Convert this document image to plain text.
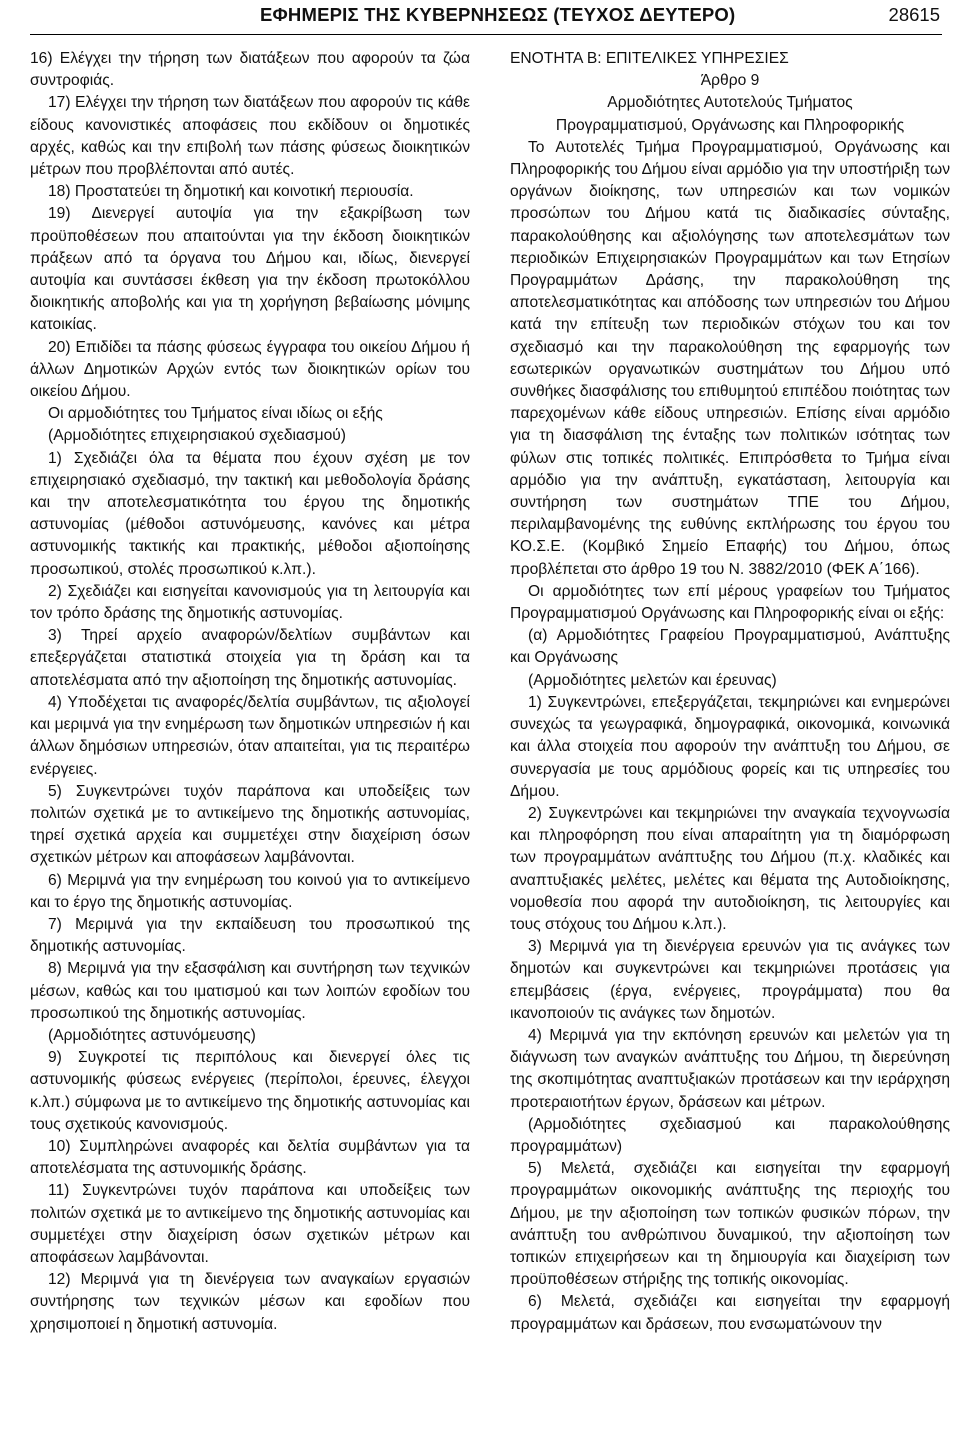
ΕΦΗΜΕΡΙΣ ΤΗΣ ΚΥΒΕΡΝΗΣΕΩΣ (ΤΕΥΧΟΣ ΔΕΥΤΕΡΟ)	28615

16) Ελέγχει την τήρηση των διατάξεων που αφορούν τα ζώα συντροφιάς.

17) Ελέγχει την τήρηση των διατάξεων που αφορούν τις κάθε είδους κανονιστικές αποφάσεις που εκδίδουν οι δημοτικές αρχές, καθώς και την επιβολή των πάσης φύσεως διοικητικών μέτρων που προβλέπονται από αυτές.

18) Προστατεύει τη δημοτική και κοινοτική περιουσία.

19) Διενεργεί αυτοψία για την εξακρίβωση των προϋποθέσεων που απαιτούνται για την έκδοση διοικητικών πράξεων από τα όργανα του Δήμου και, ιδίως, διενεργεί αυτοψία και συντάσσει έκθεση για την έκδοση πρωτοκόλλου διοικητικής αποβολής και για τη χορήγηση βεβαίωσης μόνιμης κατοικίας.

20) Επιδίδει τα πάσης φύσεως έγγραφα του οικείου Δήμου ή άλλων Δημοτικών Αρχών εντός των διοικητικών ορίων του οικείου Δήμου.

Οι αρμοδιότητες του Τμήματος είναι ιδίως οι εξής

(Αρμοδιότητες επιχειρησιακού σχεδιασμού)

1) Σχεδιάζει όλα τα θέματα που έχουν σχέση με τον επιχειρησιακό σχεδιασμό, την τακτική και μεθοδολογία δράσης και την αποτελεσματικότητα του έργου της δημοτικής αστυνομίας (μέθοδοι αστυνόμευσης, κανόνες και μέτρα αστυνομικής τακτικής και πρακτικής, μέθοδοι αξιοποίησης προσωπικού, στολές προσωπικού κ.λπ.).

2) Σχεδιάζει και εισηγείται κανονισμούς για τη λειτουργία και τον τρόπο δράσης της δημοτικής αστυνομίας.

3) Τηρεί αρχείο αναφορών/δελτίων συμβάντων και επεξεργάζεται στατιστικά στοιχεία για τη δράση και τα αποτελέσματα από την αξιοποίηση της δημοτικής αστυνομίας.

4) Υποδέχεται τις αναφορές/δελτία συμβάντων, τις αξιολογεί και μεριμνά για την ενημέρωση των δημοτικών υπηρεσιών ή και άλλων δημόσιων υπηρεσιών, όταν απαιτείται, για τις περαιτέρω ενέργειες.

5) Συγκεντρώνει τυχόν παράπονα και υποδείξεις των πολιτών σχετικά με το αντικείμενο της δημοτικής αστυνομίας, τηρεί σχετικά αρχεία και συμμετέχει στην διαχείριση όσων σχετικών μέτρων και αποφάσεων λαμβάνονται.

6) Μεριμνά για την ενημέρωση του κοινού για το αντικείμενο και το έργο της δημοτικής αστυνομίας.

7) Μεριμνά για την εκπαίδευση του προσωπικού της δημοτικής αστυνομίας.

8) Μεριμνά για την εξασφάλιση και συντήρηση των τεχνικών μέσων, καθώς και του ιματισμού και των λοιπών εφοδίων του προσωπικού της δημοτικής αστυνομίας.

(Αρμοδιότητες αστυνόμευσης)

9) Συγκροτεί τις περιπόλους και διενεργεί όλες τις αστυνομικής φύσεως ενέργειες (περίπολοι, έρευνες, έλεγχοι κ.λπ.) σύμφωνα με το αντικείμενο της δημοτικής αστυνομίας και τους σχετικούς κανονισμούς.

10) Συμπληρώνει αναφορές και δελτία συμβάντων για τα αποτελέσματα της αστυνομικής δράσης.

11) Συγκεντρώνει τυχόν παράπονα και υποδείξεις των πολιτών σχετικά με το αντικείμενο της δημοτικής αστυνομίας και συμμετέχει στην διαχείριση όσων σχετικών μέτρων και αποφάσεων λαμβάνονται.

12) Μεριμνά για τη διενέργεια των αναγκαίων εργασιών συντήρησης των τεχνικών μέσων και εφοδίων που χρησιμοποιεί η δημοτική αστυνομία.

ΕΝΟΤΗΤΑ Β: ΕΠΙΤΕΛΙΚΕΣ ΥΠΗΡΕΣΙΕΣ

Άρθρο 9

Αρμοδιότητες Αυτοτελούς Τμήματος

Προγραμματισμού, Οργάνωσης και Πληροφορικής

Το Αυτοτελές Τμήμα Προγραμματισμού, Οργάνωσης και Πληροφορικής του Δήμου είναι αρμόδιο για την υποστήριξη των οργάνων διοίκησης, των υπηρεσιών και των νομικών προσώπων του Δήμου κατά τις διαδικασίες σύνταξης, παρακολούθησης και αξιολόγησης των αποτελεσμάτων των περιοδικών Επιχειρησιακών Προγραμμάτων και των Ετησίων Προγραμμάτων Δράσης, την παρακολούθηση της αποτελεσματικότητας και απόδοσης των υπηρεσιών του Δήμου κατά την επίτευξη των περιοδικών στόχων του και τον σχεδιασμό και την παρακολούθηση της εφαρμογής των εσωτερικών οργανωτικών συστημάτων του Δήμου υπό συνθήκες διασφάλισης του επιθυμητού επιπέδου ποιότητας των παρεχομένων κάθε είδους υπηρεσιών. Επίσης είναι αρμόδιο για τη διασφάλιση της ένταξης των πολιτικών ισότητας των φύλων στις τοπικές πολιτικές. Επιπρόσθετα το Τμήμα είναι αρμόδιο για την ανάπτυξη, εγκατάσταση, λειτουργία και συντήρηση των συστημάτων ΤΠΕ του Δήμου, περιλαμβανομένης της ευθύνης εκπλήρωσης του έργου του ΚΟ.Σ.Ε. (Κομβικό Σημείο Επαφής) του Δήμου, όπως προβλέπεται στο άρθρο 19 του Ν. 3882/2010 (ΦΕΚ Α΄166).

Οι αρμοδιότητες των επί μέρους γραφείων του Τμήματος Προγραμματισμού Οργάνωσης και Πληροφορικής είναι οι εξής:

(α) Αρμοδιότητες Γραφείου Προγραμματισμού, Ανάπτυξης και Οργάνωσης

(Αρμοδιότητες μελετών και έρευνας)

1) Συγκεντρώνει, επεξεργάζεται, τεκμηριώνει και ενημερώνει συνεχώς τα γεωγραφικά, δημογραφικά, οικονομικά, κοινωνικά και άλλα στοιχεία που αφορούν την ανάπτυξη του Δήμου, σε συνεργασία με τους αρμόδιους φορείς και τις υπηρεσίες του Δήμου.

2) Συγκεντρώνει και τεκμηριώνει την αναγκαία τεχνογνωσία και πληροφόρηση που είναι απαραίτητη για τη διαμόρφωση των προγραμμάτων ανάπτυξης του Δήμου (π.χ. κλαδικές και αναπτυξιακές μελέτες, μελέτες και θέματα της Αυτοδιοίκησης, νομοθεσία που αφορά την αυτοδιοίκηση, τις λειτουργίες και τους στόχους του Δήμου κ.λπ.).

3) Μεριμνά για τη διενέργεια ερευνών για τις ανάγκες των δημοτών και συγκεντρώνει και τεκμηριώνει προτάσεις για επεμβάσεις (έργα, ενέργειες, προγράμματα) που θα ικανοποιούν τις ανάγκες των δημοτών.

4) Μεριμνά για την εκπόνηση ερευνών και μελετών για τη διάγνωση των αναγκών ανάπτυξης του Δήμου, τη διερεύνηση της σκοπιμότητας αναπτυξιακών προτάσεων και την ιεράρχηση προτεραιοτήτων έργων, δράσεων και μέτρων.

(Αρμοδιότητες σχεδιασμού και παρακολούθησης προγραμμάτων)

5) Μελετά, σχεδιάζει και εισηγείται την εφαρμογή προγραμμάτων οικονομικής ανάπτυξης της περιοχής του Δήμου, με την αξιοποίηση των τοπικών φυσικών πόρων, την ανάπτυξη του ανθρώπινου δυναμικού, την αξιοποίηση των τοπικών επιχειρήσεων και τη δημιουργία και διαχείριση των προϋποθέσεων στήριξης της τοπικής οικονομίας.

6) Μελετά, σχεδιάζει και εισηγείται την εφαρμογή προγραμμάτων και δράσεων, που ενσωματώνουν την
